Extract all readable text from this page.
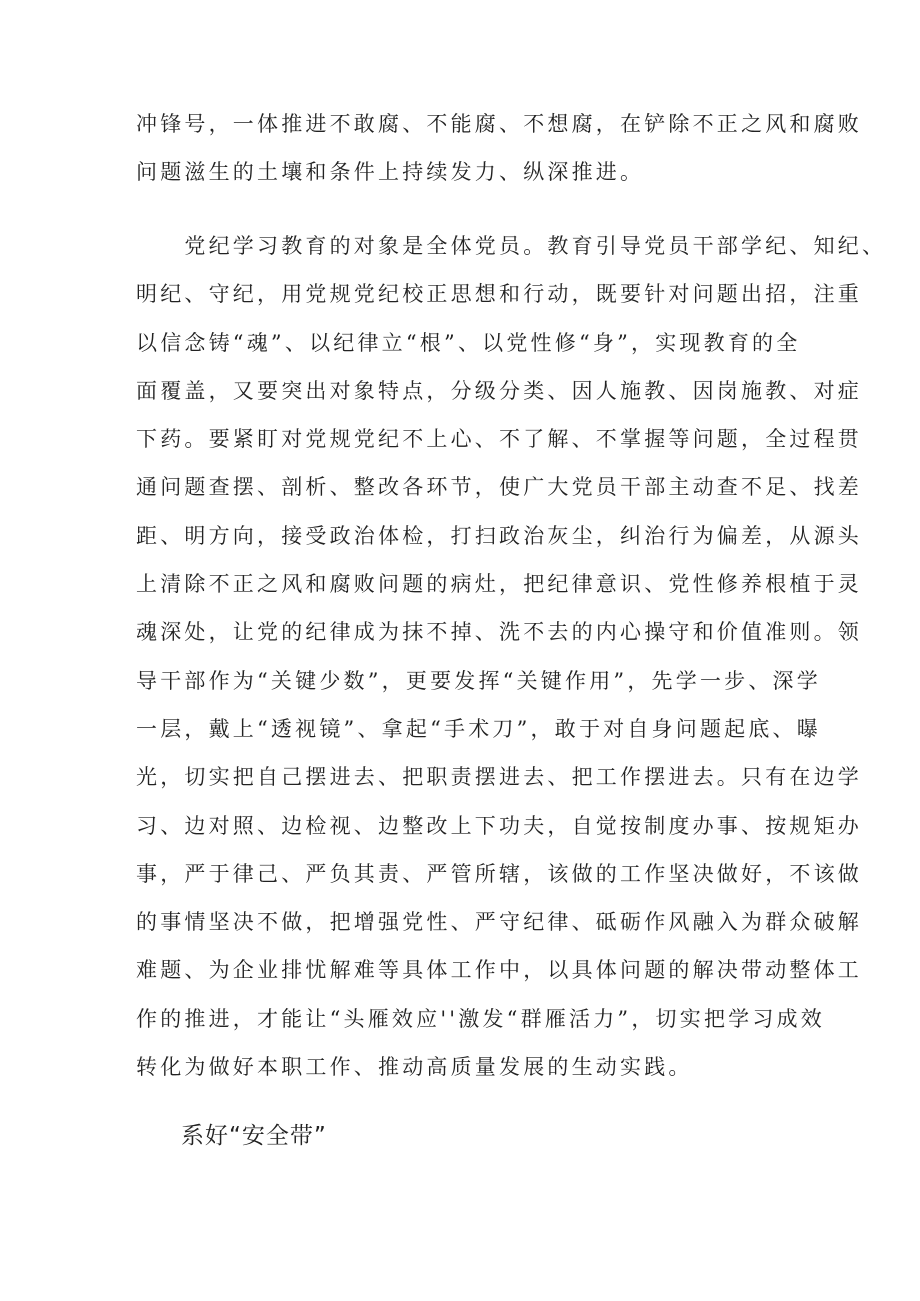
冲锋号，一体推进不敢腐、不能腐、不想腐，在铲除不正之风和腐败
问题滋生的土壤和条件上持续发力、纵深推进。
　　党纪学习教育的对象是全体党员。教育引导党员干部学纪、知纪、
明纪、守纪，用党规党纪校正思想和行动，既要针对问题出招，注重
以信念铸“魂”、以纪律立“根”、以党性修“身”，实现教育的全
面覆盖，又要突出对象特点，分级分类、因人施教、因岗施教、对症
下药。要紧盯对党规党纪不上心、不了解、不掌握等问题，全过程贯
通问题查摆、剖析、整改各环节，使广大党员干部主动查不足、找差
距、明方向，接受政治体检，打扫政治灰尘，纠治行为偏差，从源头
上清除不正之风和腐败问题的病灶，把纪律意识、党性修养根植于灵
魂深处，让党的纪律成为抹不掉、洗不去的内心操守和价值准则。领
导干部作为“关键少数”，更要发挥“关键作用”，先学一步、深学
一层，戴上“透视镜”、拿起“手术刀”，敢于对自身问题起底、曝
光，切实把自己摆进去、把职责摆进去、把工作摆进去。只有在边学
习、边对照、边检视、边整改上下功夫，自觉按制度办事、按规矩办
事，严于律己、严负其责、严管所辖，该做的工作坚决做好，不该做
的事情坚决不做，把增强党性、严守纪律、砥砺作风融入为群众破解
难题、为企业排忧解难等具体工作中，以具体问题的解决带动整体工
作的推进，才能让“头雁效应''激发“群雁活力”，切实把学习成效
转化为做好本职工作、推动高质量发展的生动实践。
系好“安全带”
